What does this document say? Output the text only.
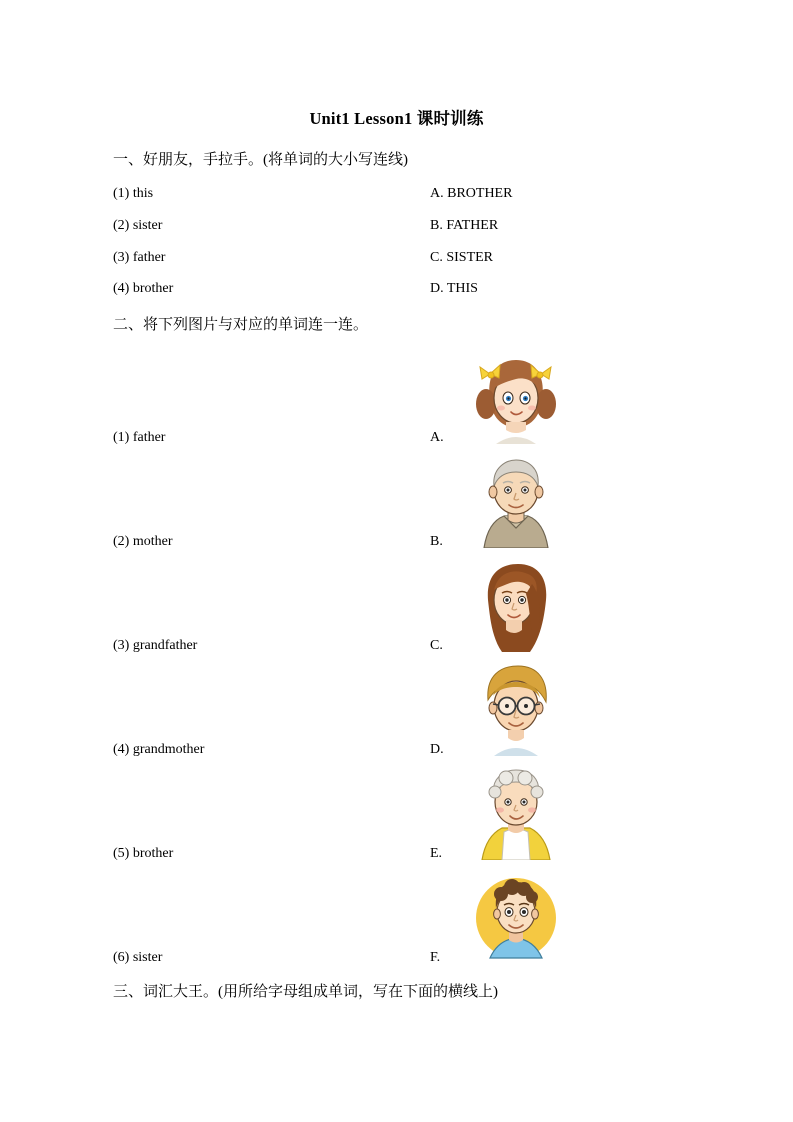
Unit1 Lesson1 课时训练
一、好朋友，手拉手。(将单词的大小写连线)
(1) this
(2) sister
(3) father
(4) brother
A. BROTHER
B. FATHER
C. SISTER
D. THIS
二、将下列图片与对应的单词连一连。
(1) father
(2) mother
(3) grandfather
(4) grandmother
(5) brother
(6) sister
A.
B.
C.
D.
E.
F.
三、词汇大王。(用所给字母组成单词，写在下面的横线上)
